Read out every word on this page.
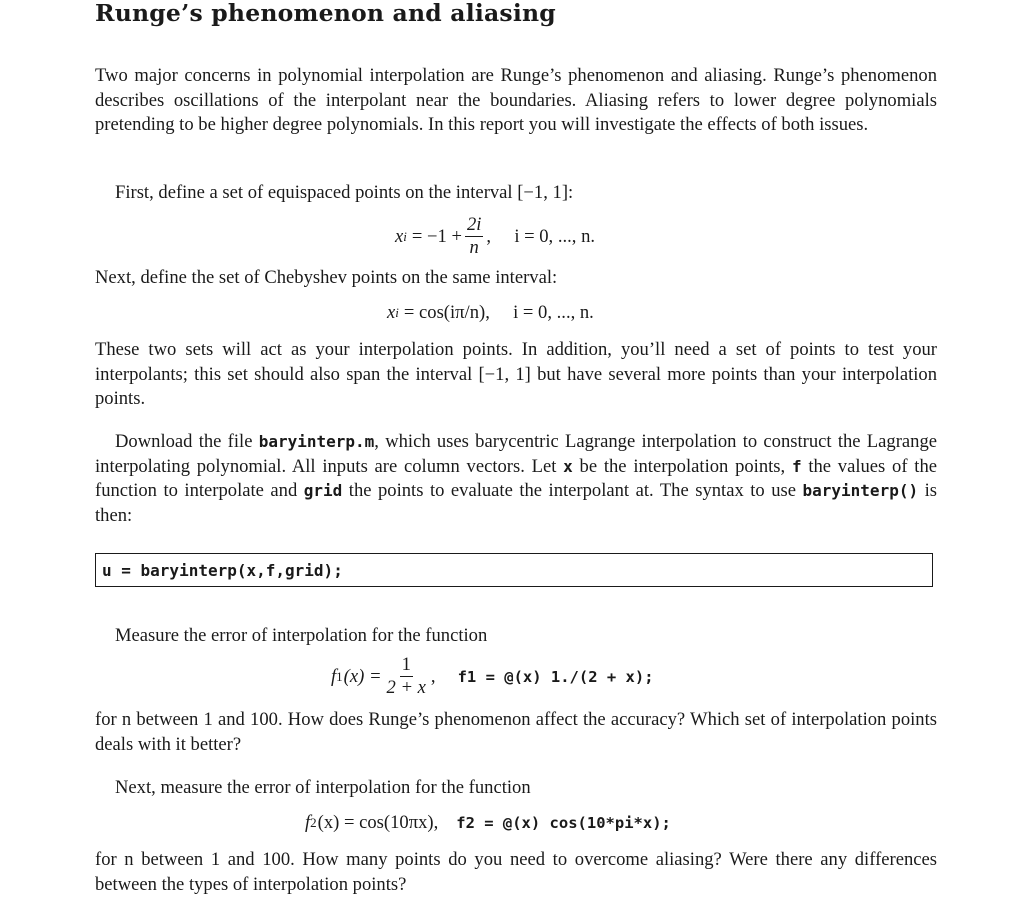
Runge’s phenomenon and aliasing

Two major concerns in polynomial interpolation are Runge’s phenomenon and aliasing. Runge’s phenomenon describes oscillations of the interpolant near the boundaries. Aliasing refers to lower degree polynomials pretending to be higher degree polynomials. In this report you will investigate the effects of both issues.

First, define a set of equispaced points on the interval [−1, 1]:

x $i = -1 + \frac{2i}{n}$ ,     i = 0, ..., n.

Next, define the set of Chebyshev points on the same interval:

x i = cos(iπ/n),     i = 0, ..., n.

These two sets will act as your interpolation points. In addition, you’ll need a set of points to test your interpolants; this set should also span the interval [−1, 1] but have several more points than your interpolation points.

Download the file baryinterp.m, which uses barycentric Lagrange interpolation to construct the Lagrange interpolating polynomial. All inputs are column vectors. Let x be the interpolation points, f the values of the function to interpolate and grid the points to evaluate the interpolant at. The syntax to use baryinterp() is then:

u = baryinterp(x,f,grid);

Measure the error of interpolation for the function

f 1 $(x) = \frac{1}{2 + x}$ , f1 = @(x) 1./(2 + x);

for n between 1 and 100. How does Runge’s phenomenon affect the accuracy? Which set of interpolation points deals with it better?

Next, measure the error of interpolation for the function

f 2 (x) = cos(10πx), f2 = @(x) cos(10*pi*x);

for n between 1 and 100. How many points do you need to overcome aliasing? Were there any differences between the types of interpolation points?
